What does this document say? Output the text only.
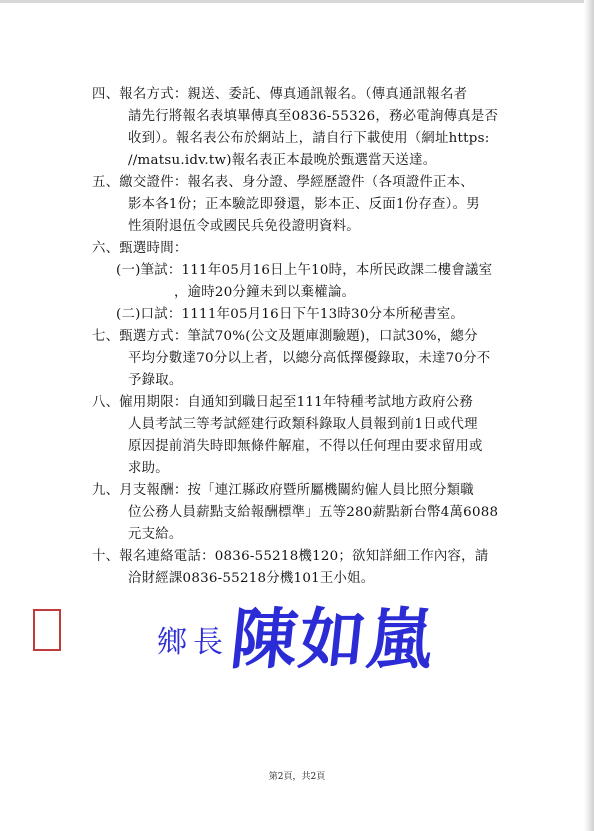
四、報名方式：親送、委託、傳真通訊報名。（傳真通訊報名者
請先行將報名表填畢傳真至0836-55326，務必電詢傳真是否
收到）。報名表公布於網站上，請自行下載使用（網址https:
//matsu.idv.tw)報名表正本最晚於甄選當天送達。
五、繳交證件：報名表、身分證、學經歷證件（各項證件正本、
影本各1份；正本驗訖即發還，影本正、反面1份存查）。男
性須附退伍令或國民兵免役證明資料。
六、甄選時間：
(一)筆試：111年05月16日上午10時，本所民政課二樓會議室
，逾時20分鐘未到以棄權論。
(二)口試：1111年05月16日下午13時30分本所秘書室。
七、甄選方式：筆試70%(公文及題庫測驗題)，口試30%，總分
平均分數達70分以上者，以總分高低擇優錄取，未達70分不
予錄取。
八、僱用期限：自通知到職日起至111年特種考試地方政府公務
人員考試三等考試經建行政類科錄取人員報到前1日或代理
原因提前消失時即無條件解雇，不得以任何理由要求留用或
求助。
九、月支報酬：按「連江縣政府暨所屬機關約僱人員比照分類職
位公務人員薪點支給報酬標準」五等280薪點新台幣4萬6088
元支給。
十、報名連絡電話：0836-55218機120；欲知詳細工作內容，請
洽財經課0836-55218分機101王小姐。
鄉長
陳如嵐
第2頁，共2頁
